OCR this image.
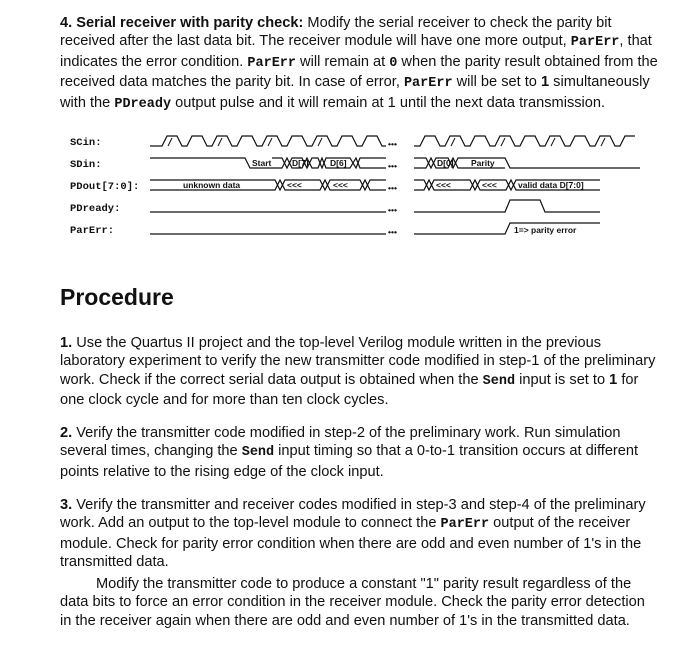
4. Serial receiver with parity check: Modify the serial receiver to check the parity bit received after the last data bit. The receiver module will have one more output, ParErr, that indicates the error condition. ParErr will remain at 0 when the parity result obtained from the received data matches the parity bit. In case of error, ParErr will be set to 1 simultaneously with the PDready output pulse and it will remain at 1 until the next data transmission.

SCin:
SDin:
PDout[7:0]:
PDready:
ParErr:
•••
•••
•••
•••
•••
Start D[7]	D[6]	D[0] Parity
unknown data	<<<	<<<	<<<	<<< valid data D[7:0]
1=> parity error
Procedure

1. Use the Quartus II project and the top-level Verilog module written in the previous laboratory experiment to verify the new transmitter code modified in step-1 of the preliminary work. Check if the correct serial data output is obtained when the Send input is set to 1 for one clock cycle and for more than ten clock cycles.

2. Verify the transmitter code modified in step-2 of the preliminary work. Run simulation several times, changing the Send input timing so that a 0-to-1 transition occurs at different points relative to the rising edge of the clock input.

3. Verify the transmitter and receiver codes modified in step-3 and step-4 of the preliminary work. Add an output to the top-level module to connect the ParErr output of the receiver module. Check for parity error condition when there are odd and even number of 1's in the transmitted data.

Modify the transmitter code to produce a constant "1" parity result regardless of the data bits to force an error condition in the receiver module. Check the parity error detection in the receiver again when there are odd and even number of 1's in the transmitted data.
